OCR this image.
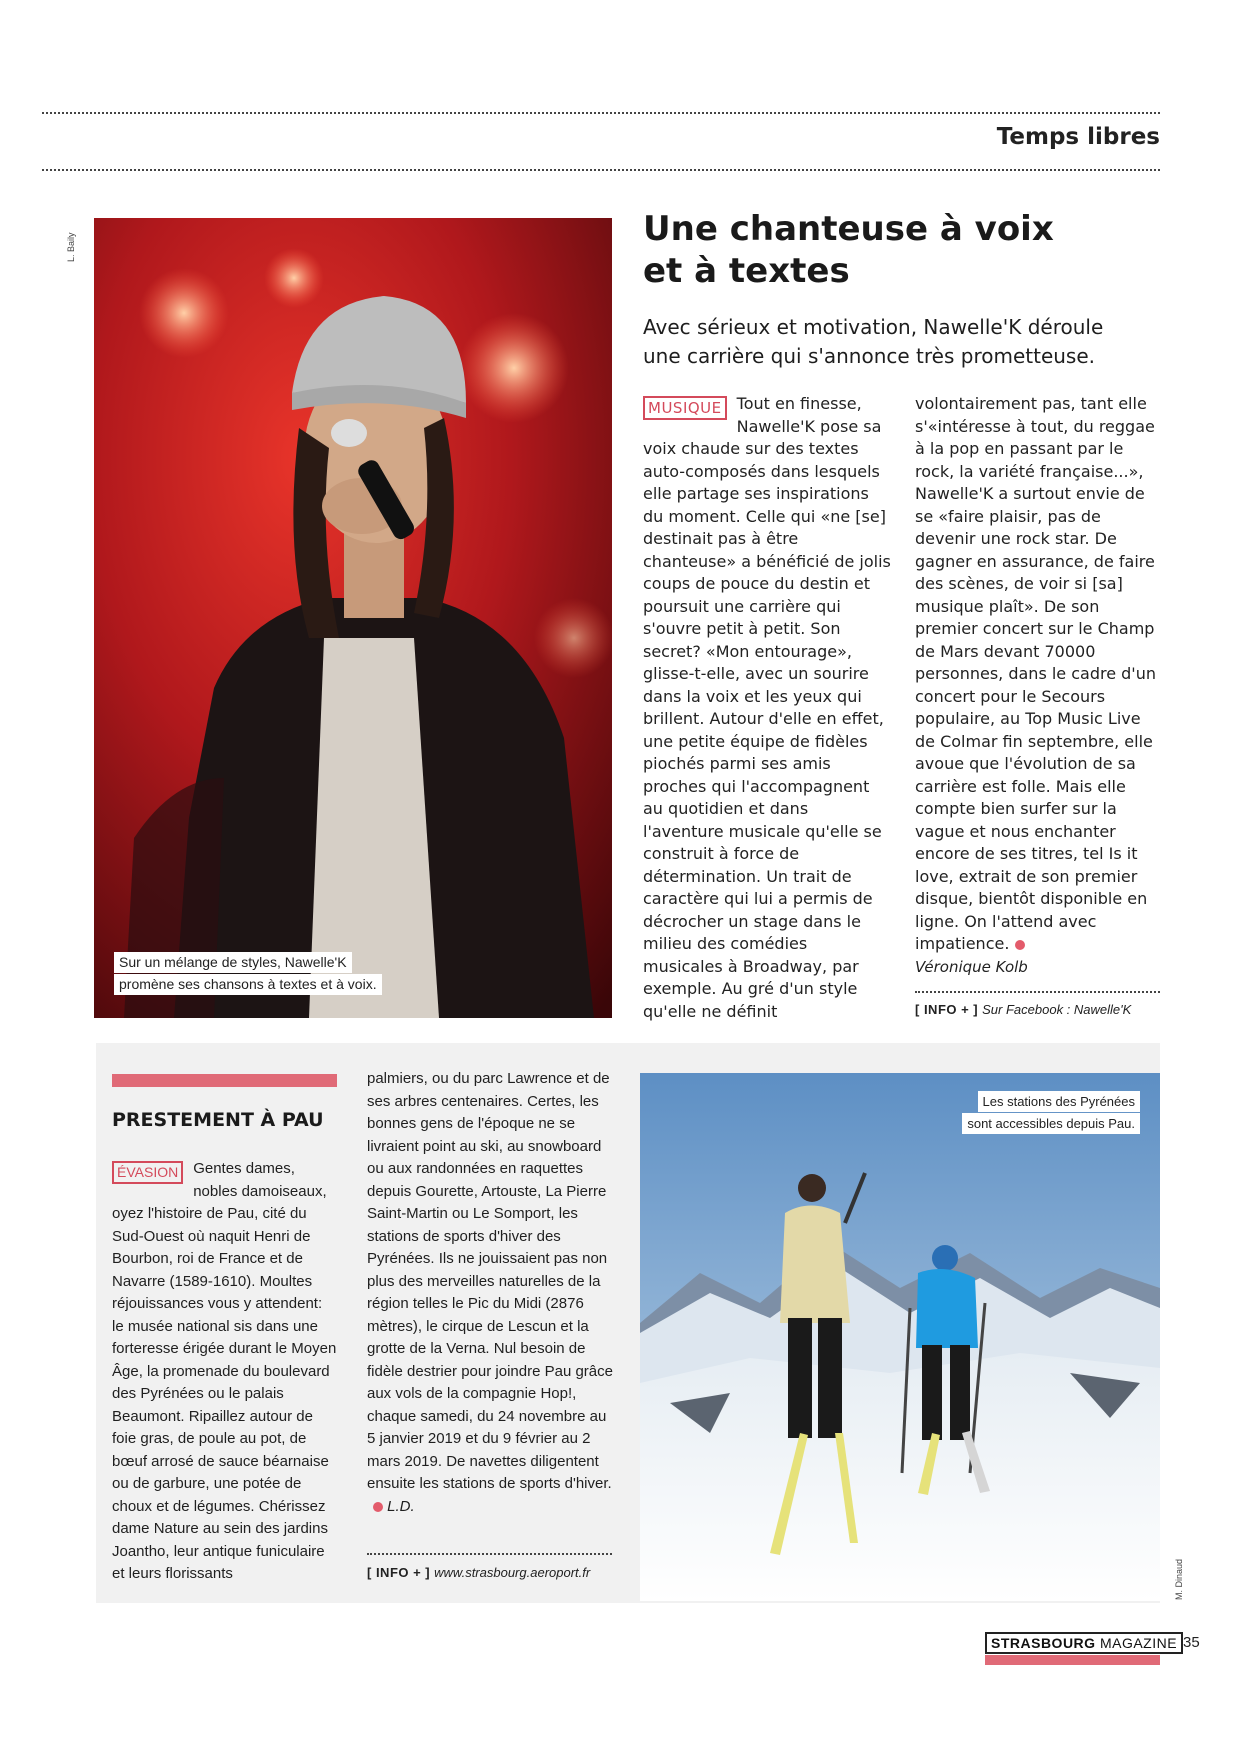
Temps libres
L. Baily
Sur un mélange de styles, Nawelle'K
promène ses chansons à textes et à voix.
Une chanteuse à voix
et à textes
Avec sérieux et motivation, Nawelle'K déroule
une carrière qui s'annonce très prometteuse.
MUSIQUE Tout en finesse, Nawelle'K pose sa voix chaude sur des textes auto-composés dans lesquels elle partage ses inspirations du moment. Celle qui «ne [se] destinait pas à être chanteuse» a bénéficié de jolis coups de pouce du destin et poursuit une carrière qui s'ouvre petit à petit. Son secret? «Mon entourage», glisse-t-elle, avec un sourire dans la voix et les yeux qui brillent. Autour d'elle en effet, une petite équipe de fidèles piochés parmi ses amis proches qui l'accompagnent au quotidien et dans l'aventure musicale qu'elle se construit à force de détermination. Un trait de caractère qui lui a permis de décrocher un stage dans le milieu des comédies musicales à Broadway, par exemple. Au gré d'un style qu'elle ne définit

volontairement pas, tant elle s'«intéresse à tout, du reggae à la pop en passant par le rock, la variété française...», Nawelle'K a surtout envie de se «faire plaisir, pas de devenir une rock star. De gagner en assurance, de faire des scènes, de voir si [sa] musique plaît». De son premier concert sur le Champ de Mars devant 70000 personnes, dans le cadre d'un concert pour le Secours populaire, au Top Music Live de Colmar fin septembre, elle avoue que l'évolution de sa carrière est folle. Mais elle compte bien surfer sur la vague et nous enchanter encore de ses titres, tel Is it love, extrait de son premier disque, bientôt disponible en ligne. On l'attend avec impatience.

Véronique Kolb

[ INFO + ] Sur Facebook : Nawelle'K
PRESTEMENT À PAU
ÉVASION	Gentes dames, nobles damoiseaux, oyez l'histoire de Pau, cité du Sud-Ouest où naquit Henri de Bourbon, roi de France et de Navarre (1589-1610). Moultes réjouissances vous y attendent: le musée national sis dans une forteresse érigée durant le Moyen Âge, la promenade du boulevard des Pyrénées ou le palais Beaumont. Ripaillez autour de foie gras, de poule au pot, de bœuf arrosé de sauce béarnaise ou de garbure, une potée de choux et de légumes. Chérissez dame Nature au sein des jardins Joantho, leur antique funiculaire et leurs florissants

palmiers, ou du parc Lawrence et de ses arbres centenaires. Certes, les bonnes gens de l'époque ne se livraient point au ski, au snowboard ou aux randonnées en raquettes depuis Gourette, Artouste, La Pierre Saint-Martin ou Le Somport, les stations de sports d'hiver des Pyrénées. Ils ne jouissaient pas non plus des merveilles naturelles de la région telles le Pic du Midi (2876 mètres), le cirque de Lescun et la grotte de la Verna. Nul besoin de fidèle destrier pour joindre Pau grâce aux vols de la compagnie Hop!, chaque samedi, du 24 novembre au 5 janvier 2019 et du 9 février au 2 mars 2019. De navettes diligentent ensuite les stations de sports d'hiver. L.D.

[ INFO + ] www.strasbourg.aeroport.fr
Les stations des Pyrénées
sont accessibles depuis Pau.
M. Dinaud
STRASBOURG MAGAZINE 35
